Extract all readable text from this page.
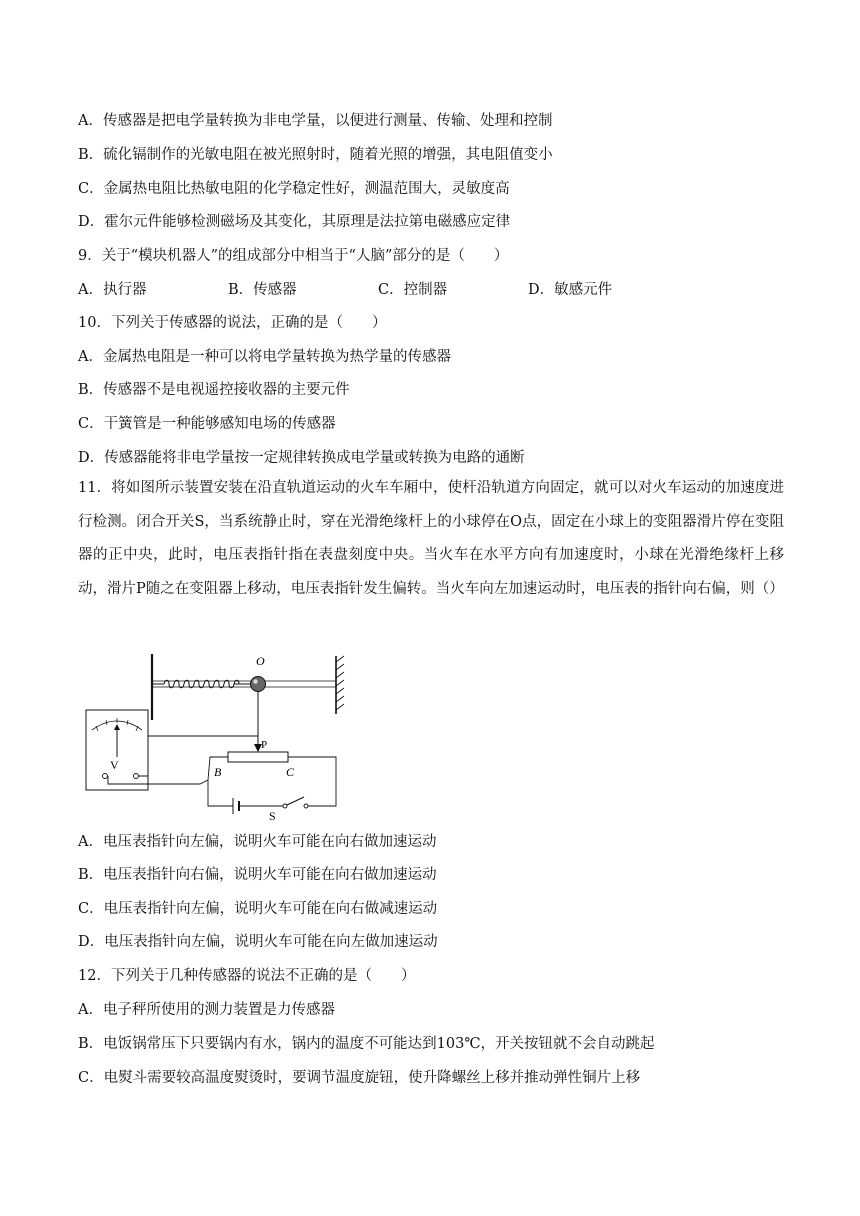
A．传感器是把电学量转换为非电学量，以便进行测量、传输、处理和控制
B．硫化镉制作的光敏电阻在被光照射时，随着光照的增强，其电阻值变小
C．金属热电阻比热敏电阻的化学稳定性好，测温范围大，灵敏度高
D．霍尔元件能够检测磁场及其变化，其原理是法拉第电磁感应定律
9．关于“模块机器人”的组成部分中相当于“人脑”部分的是（　　）
A．执行器	B．传感器	C．控制器	D．敏感元件
10．下列关于传感器的说法，正确的是（　　）
A．金属热电阻是一种可以将电学量转换为热学量的传感器
B．传感器不是电视遥控接收器的主要元件
C．干簧管是一种能够感知电场的传感器
D．传感器能将非电学量按一定规律转换成电学量或转换为电路的通断
11．将如图所示装置安装在沿直轨道运动的火车车厢中，使杆沿轨道方向固定，就可以对火车运动的加速度进行检测。闭合开关S，当系统静止时，穿在光滑绝缘杆上的小球停在O点，固定在小球上的变阻器滑片停在变阻器的正中央，此时，电压表指针指在表盘刻度中央。当火车在水平方向有加速度时，小球在光滑绝缘杆上移动，滑片P随之在变阻器上移动，电压表指针发生偏转。当火车向左加速运动时，电压表的指针向右偏，则（）
O
P
B	C
V
S
A．电压表指针向左偏，说明火车可能在向右做加速运动
B．电压表指针向右偏，说明火车可能在向右做加速运动
C．电压表指针向左偏，说明火车可能在向右做减速运动
D．电压表指针向左偏，说明火车可能在向左做加速运动
12．下列关于几种传感器的说法不正确的是（　　）
A．电子秤所使用的测力装置是力传感器
B．电饭锅常压下只要锅内有水，锅内的温度不可能达到103℃，开关按钮就不会自动跳起
C．电熨斗需要较高温度熨烫时，要调节温度旋钮，使升降螺丝上移并推动弹性铜片上移
